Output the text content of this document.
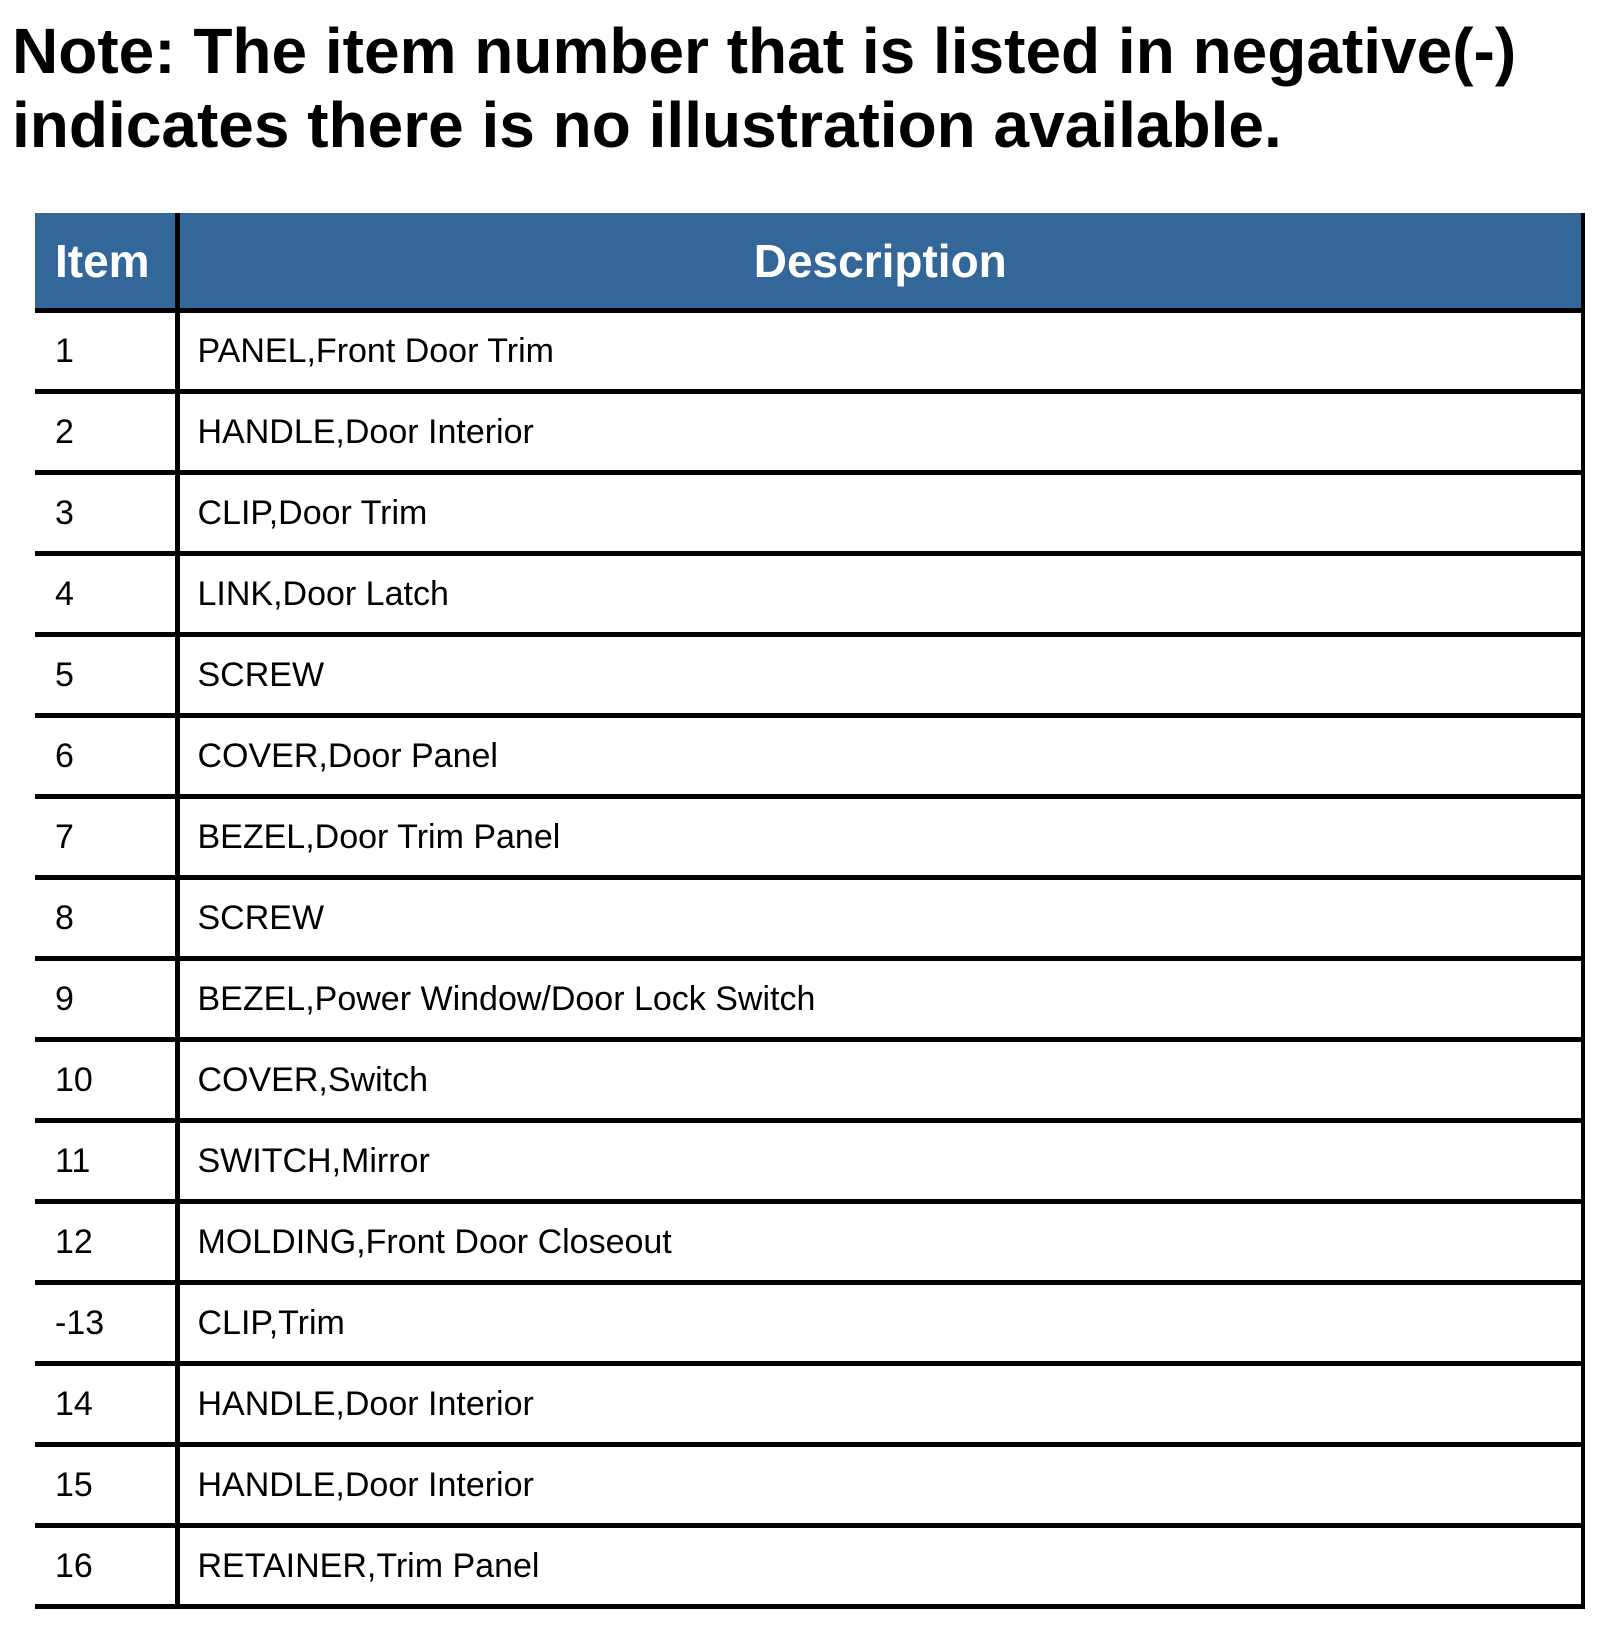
Note: The item number that is listed in negative(-)
indicates there is no illustration available.
Item	Description
1	PANEL,Front Door Trim
2	HANDLE,Door Interior
3	CLIP,Door Trim
4	LINK,Door Latch
5	SCREW
6	COVER,Door Panel
7	BEZEL,Door Trim Panel
8	SCREW
9	BEZEL,Power Window/Door Lock Switch
10	COVER,Switch
11	SWITCH,Mirror
12	MOLDING,Front Door Closeout
-13	CLIP,Trim
14	HANDLE,Door Interior
15	HANDLE,Door Interior
16	RETAINER,Trim Panel
